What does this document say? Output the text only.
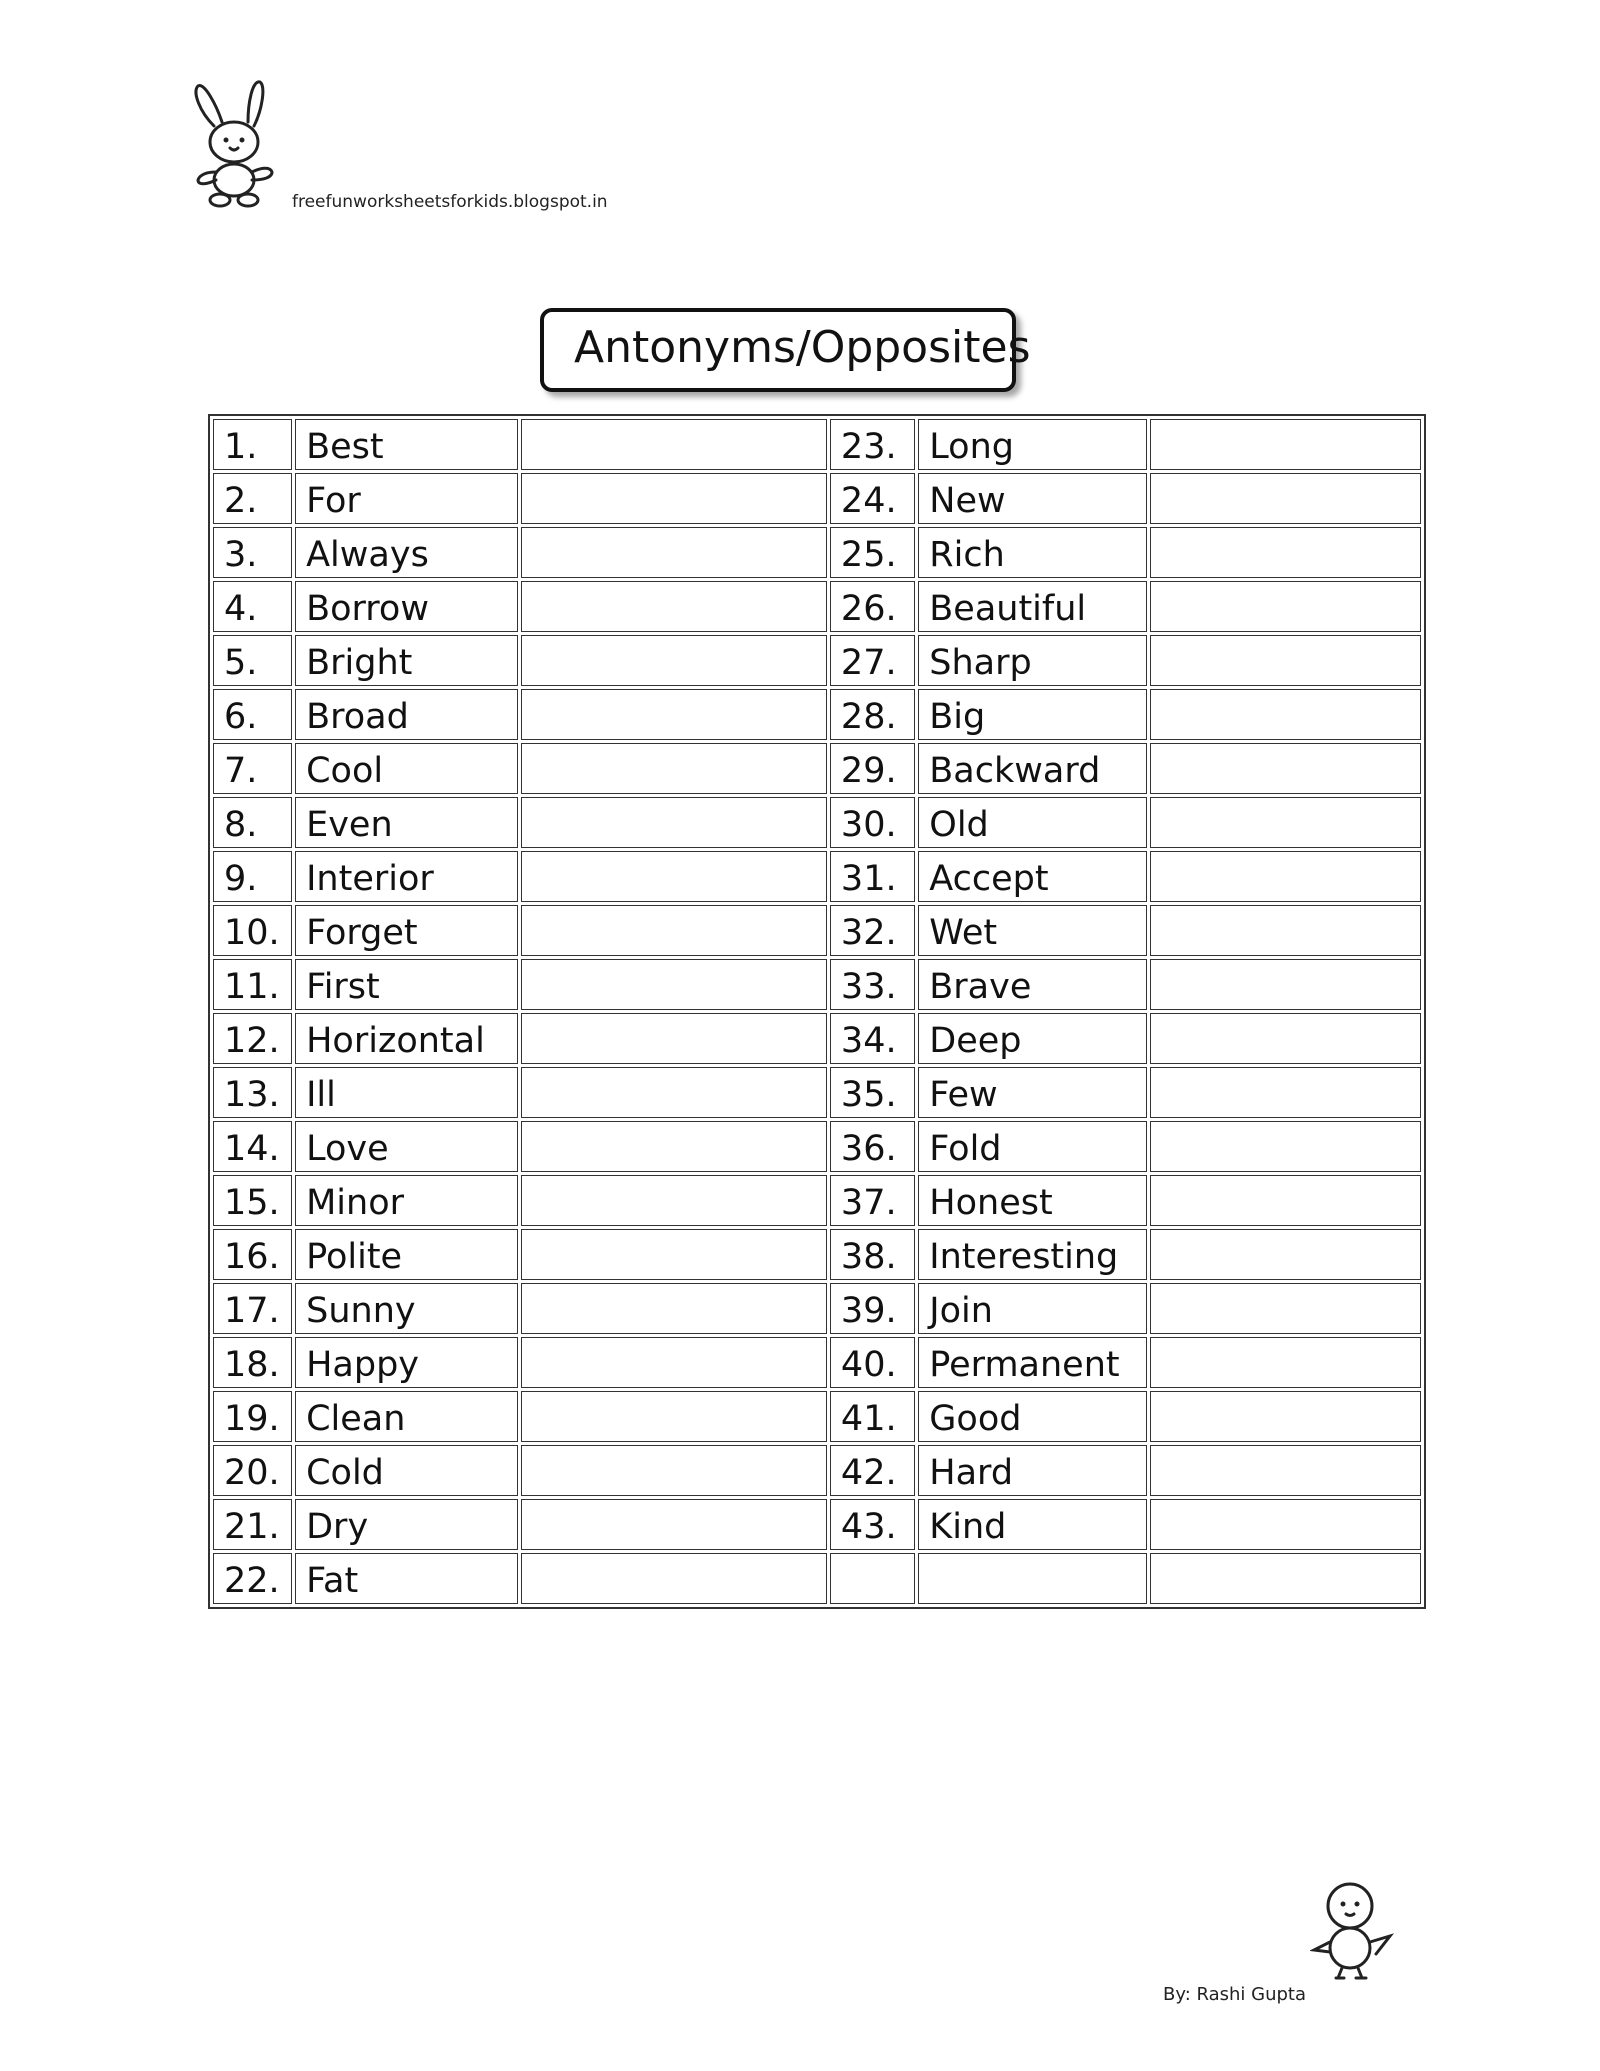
freefunworksheetsforkids.blogspot.in
Antonyms/Opposites
1.	Best		23.	Long	
2.	For		24.	New	
3.	Always		25.	Rich	
4.	Borrow		26.	Beautiful	
5.	Bright		27.	Sharp	
6.	Broad		28.	Big	
7.	Cool		29.	Backward	
8.	Even		30.	Old	
9.	Interior		31.	Accept	
10.	Forget		32.	Wet	
11.	First		33.	Brave	
12.	Horizontal		34.	Deep	
13.	Ill		35.	Few	
14.	Love		36.	Fold	
15.	Minor		37.	Honest	
16.	Polite		38.	Interesting	
17.	Sunny		39.	Join	
18.	Happy		40.	Permanent	
19.	Clean		41.	Good	
20.	Cold		42.	Hard	
21.	Dry		43.	Kind	
22.	Fat				
By: Rashi Gupta
